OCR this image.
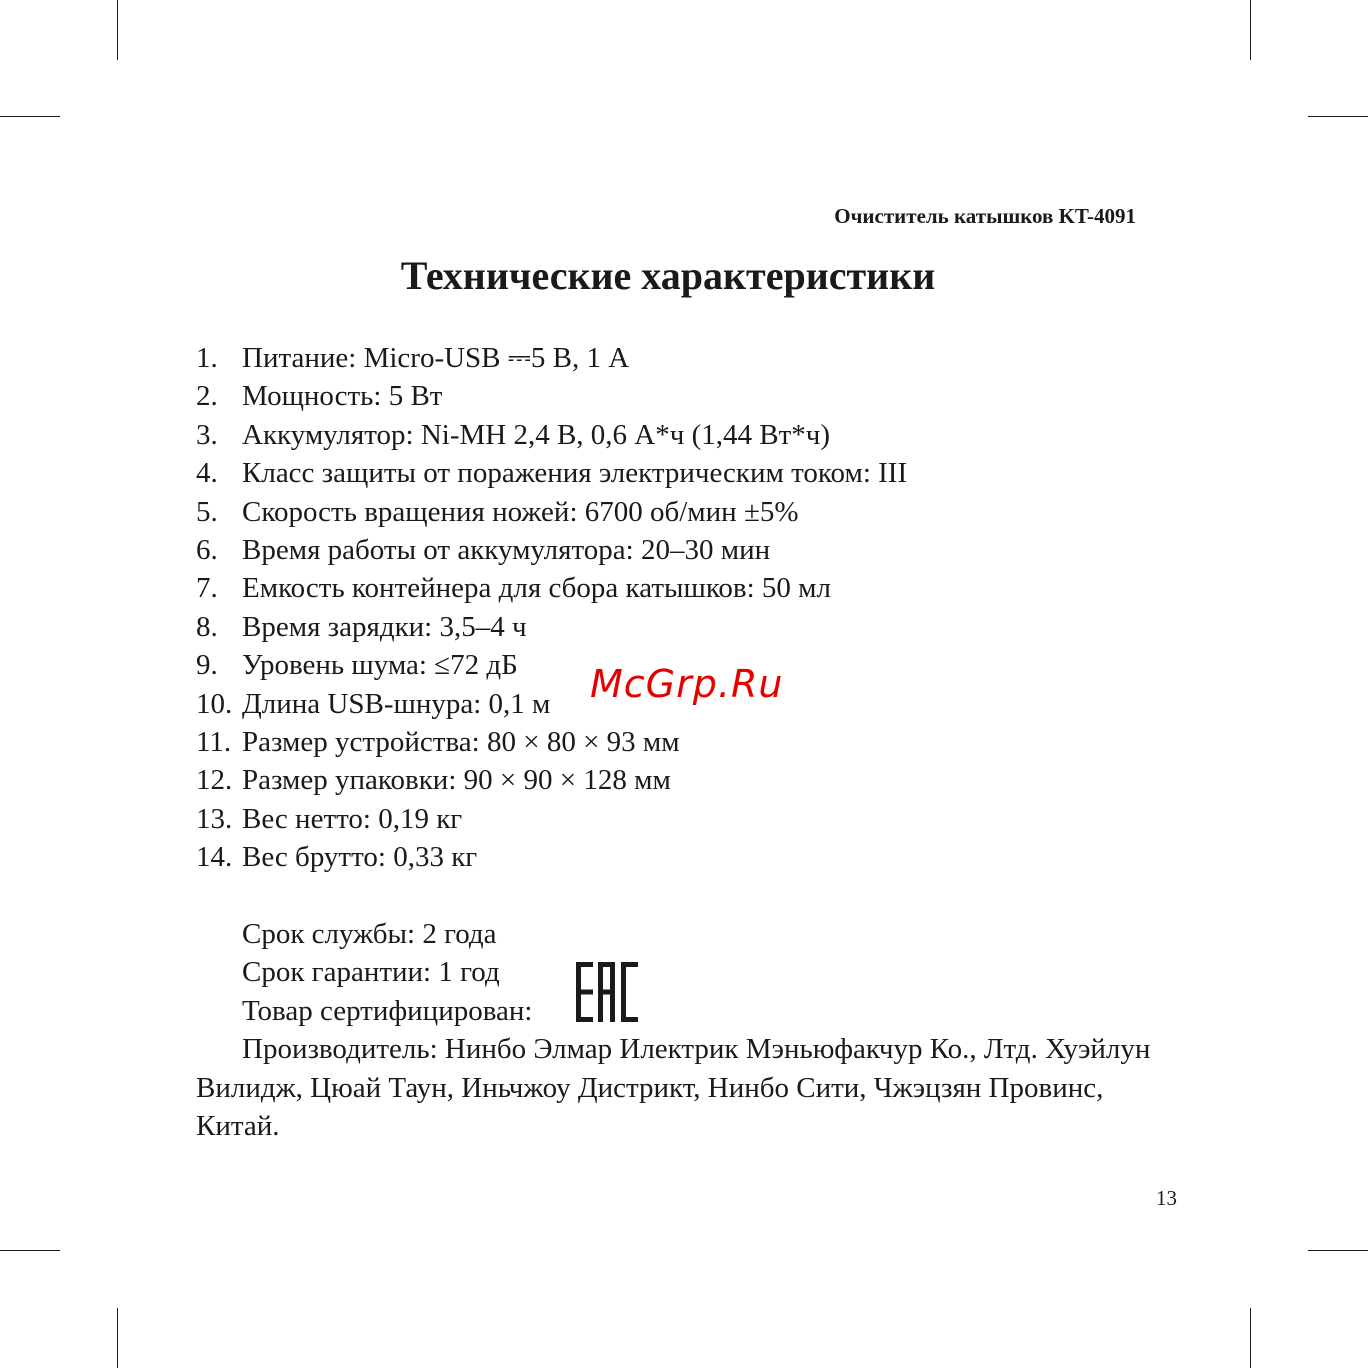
Очиститель катышков KT-4091
Технические характеристики
1. Питание: Micro-USB ⎓5 В, 1 А
2. Мощность: 5 Вт
3. Аккумулятор: Ni-MH 2,4 В, 0,6 А*ч (1,44 Вт*ч)
4. Класс защиты от поражения электрическим током: III
5. Скорость вращения ножей: 6700 об/мин ±5%
6. Время работы от аккумулятора: 20–30 мин
7. Емкость контейнера для сбора катышков: 50 мл
8. Время зарядки: 3,5–4 ч
9. Уровень шума: ≤72 дБ
10. Длина USB-шнура: 0,1 м
11. Размер устройства: 80 × 80 × 93 мм
12. Размер упаковки: 90 × 90 × 128 мм
13. Вес нетто: 0,19 кг
14. Вес брутто: 0,33 кг
Срок службы: 2 года
Срок гарантии: 1 год
Товар сертифицирован:
Производитель: Нинбо Элмар Илектрик Мэньюфакчур Ко., Лтд. Хуэйлун Вилидж, Цюай Таун, Иньчжоу Дистрикт, Нинбо Сити, Чжэцзян Провинс, Китай.
McGrp.Ru
13
